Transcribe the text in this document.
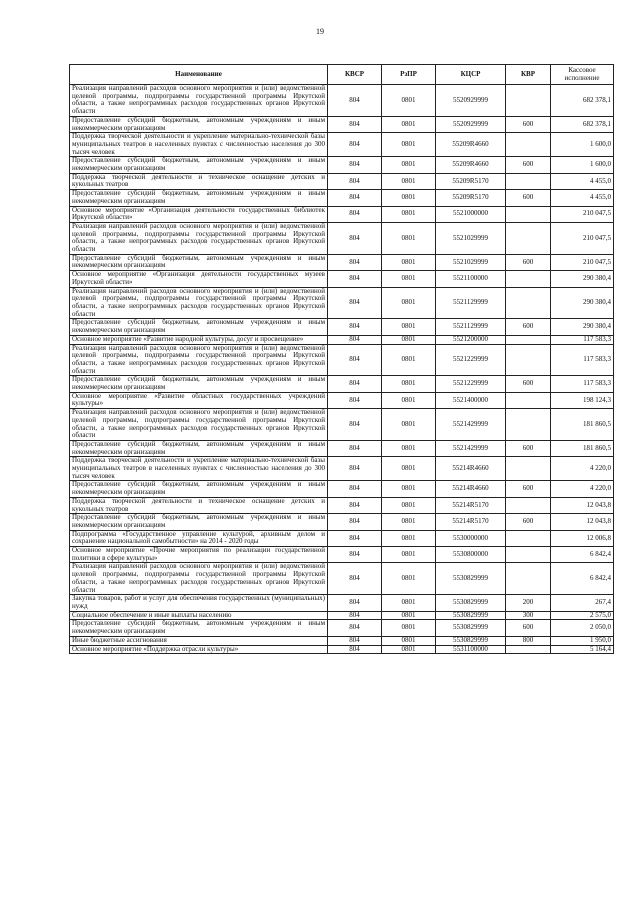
19
Наименование	КВСР	РзПР	КЦСР	КВР	Кассовое исполнение
Реализация направлений расходов основного мероприятия и (или) ведомственной целевой программы, подпрограммы государственной программы Иркутской области, а также непрограммных расходов государственных органов Иркутской области	804	0801	5520929999		682 378,1
Предоставление субсидий бюджетным, автономным учреждениям и иным некоммерческим организациям	804	0801	5520929999	600	682 378,1
Поддержка творческой деятельности и укрепление материально-технической базы муниципальных театров в населенных пунктах с численностью населения до 300 тысяч человек	804	0801	55209R4660		1 600,0
Предоставление субсидий бюджетным, автономным учреждениям и иным некоммерческим организациям	804	0801	55209R4660	600	1 600,0
Поддержка творческой деятельности и техническое оснащение детских и кукольных театров	804	0801	55209R5170		4 455,0
Предоставление субсидий бюджетным, автономным учреждениям и иным некоммерческим организациям	804	0801	55209R5170	600	4 455,0
Основное мероприятие «Организация деятельности государственных библиотек Иркутской области»	804	0801	5521000000		210 047,5
Реализация направлений расходов основного мероприятия и (или) ведомственной целевой программы, подпрограммы государственной программы Иркутской области, а также непрограммных расходов государственных органов Иркутской области	804	0801	5521029999		210 047,5
Предоставление субсидий бюджетным, автономным учреждениям и иным некоммерческим организациям	804	0801	5521029999	600	210 047,5
Основное мероприятие «Организация деятельности государственных музеев Иркутской области»	804	0801	5521100000		290 380,4
Реализация направлений расходов основного мероприятия и (или) ведомственной целевой программы, подпрограммы государственной программы Иркутской области, а также непрограммных расходов государственных органов Иркутской области	804	0801	5521129999		290 380,4
Предоставление субсидий бюджетным, автономным учреждениям и иным некоммерческим организациям	804	0801	5521129999	600	290 380,4
Основное мероприятие «Развитие народной культуры, досуг и просвещение»	804	0801	5521200000		117 583,3
Реализация направлений расходов основного мероприятия и (или) ведомственной целевой программы, подпрограммы государственной программы Иркутской области, а также непрограммных расходов государственных органов Иркутской области	804	0801	5521229999		117 583,3
Предоставление субсидий бюджетным, автономным учреждениям и иным некоммерческим организациям	804	0801	5521229999	600	117 583,3
Основное мероприятие «Развитие областных государственных учреждений культуры»	804	0801	5521400000		198 124,3
Реализация направлений расходов основного мероприятия и (или) ведомственной целевой программы, подпрограммы государственной программы Иркутской области, а также непрограммных расходов государственных органов Иркутской области	804	0801	5521429999		181 860,5
Предоставление субсидий бюджетным, автономным учреждениям и иным некоммерческим организациям	804	0801	5521429999	600	181 860,5
Поддержка творческой деятельности и укрепление материально-технической базы муниципальных театров в населенных пунктах с численностью населения до 300 тысяч человек	804	0801	55214R4660		4 220,0
Предоставление субсидий бюджетным, автономным учреждениям и иным некоммерческим организациям	804	0801	55214R4660	600	4 220,0
Поддержка творческой деятельности и техническое оснащение детских и кукольных театров	804	0801	55214R5170		12 043,8
Предоставление субсидий бюджетным, автономным учреждениям и иным некоммерческим организациям	804	0801	55214R5170	600	12 043,8
Подпрограмма «Государственное управление культурой, архивным делом и сохранение национальной самобытности» на 2014 - 2020 годы	804	0801	5530000000		12 006,8
Основное мероприятие «Прочие мероприятия по реализации государственной политики в сфере культуры»	804	0801	5530800000		6 842,4
Реализация направлений расходов основного мероприятия и (или) ведомственной целевой программы, подпрограммы государственной программы Иркутской области, а также непрограммных расходов государственных органов Иркутской области	804	0801	5530829999		6 842,4
Закупка товаров, работ и услуг для обеспечения государственных (муниципальных) нужд	804	0801	5530829999	200	267,4
Социальное обеспечение и иные выплаты населению	804	0801	5530829999	300	2 575,0
Предоставление субсидий бюджетным, автономным учреждениям и иным некоммерческим организациям	804	0801	5530829999	600	2 050,0
Иные бюджетные ассигнования	804	0801	5530829999	800	1 950,0
Основное мероприятие «Поддержка отрасли культуры»	804	0801	5531100000		5 164,4
